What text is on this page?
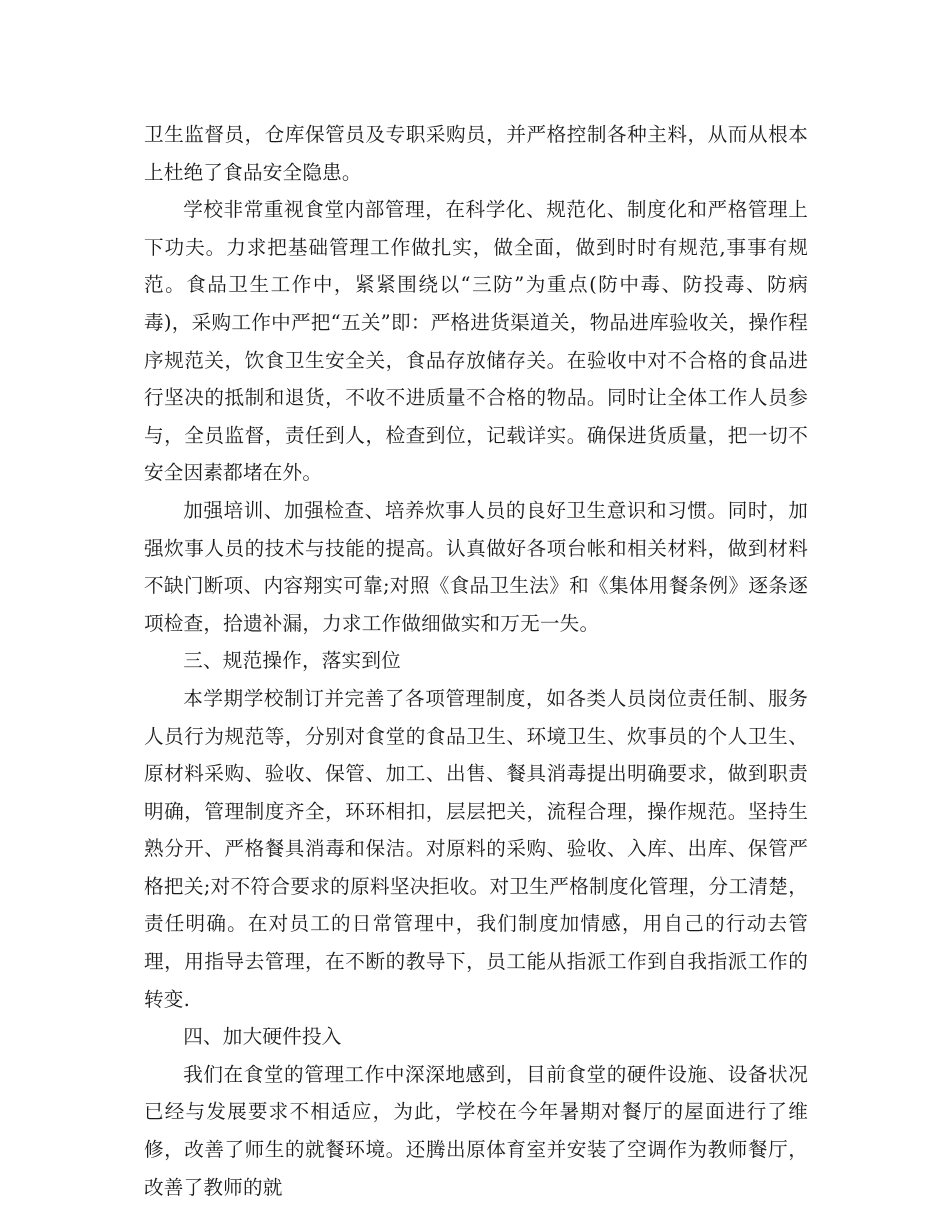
卫生监督员，仓库保管员及专职采购员，并严格控制各种主料，从而从根本上杜绝了食品安全隐患。

学校非常重视食堂内部管理，在科学化、规范化、制度化和严格管理上下功夫。力求把基础管理工作做扎实，做全面，做到时时有规范,事事有规范。食品卫生工作中，紧紧围绕以“三防”为重点(防中毒、防投毒、防病毒)，采购工作中严把“五关”即：严格进货渠道关，物品进库验收关，操作程序规范关，饮食卫生安全关，食品存放储存关。在验收中对不合格的食品进行坚决的抵制和退货，不收不进质量不合格的物品。同时让全体工作人员参与，全员监督，责任到人，检查到位，记载详实。确保进货质量，把一切不安全因素都堵在外。

加强培训、加强检查、培养炊事人员的良好卫生意识和习惯。同时，加强炊事人员的技术与技能的提高。认真做好各项台帐和相关材料，做到材料不缺门断项、内容翔实可靠;对照《食品卫生法》和《集体用餐条例》逐条逐项检查，拾遗补漏，力求工作做细做实和万无一失。

三、规范操作，落实到位

本学期学校制订并完善了各项管理制度，如各类人员岗位责任制、服务人员行为规范等，分别对食堂的食品卫生、环境卫生、炊事员的个人卫生、原材料采购、验收、保管、加工、出售、餐具消毒提出明确要求，做到职责明确，管理制度齐全，环环相扣，层层把关，流程合理，操作规范。坚持生熟分开、严格餐具消毒和保洁。对原料的采购、验收、入库、出库、保管严格把关;对不符合要求的原料坚决拒收。对卫生严格制度化管理，分工清楚，责任明确。在对员工的日常管理中，我们制度加情感，用自己的行动去管理，用指导去管理，在不断的教导下，员工能从指派工作到自我指派工作的转变.

四、加大硬件投入

我们在食堂的管理工作中深深地感到，目前食堂的硬件设施、设备状况已经与发展要求不相适应，为此，学校在今年暑期对餐厅的屋面进行了维修，改善了师生的就餐环境。还腾出原体育室并安装了空调作为教师餐厅，改善了教师的就
